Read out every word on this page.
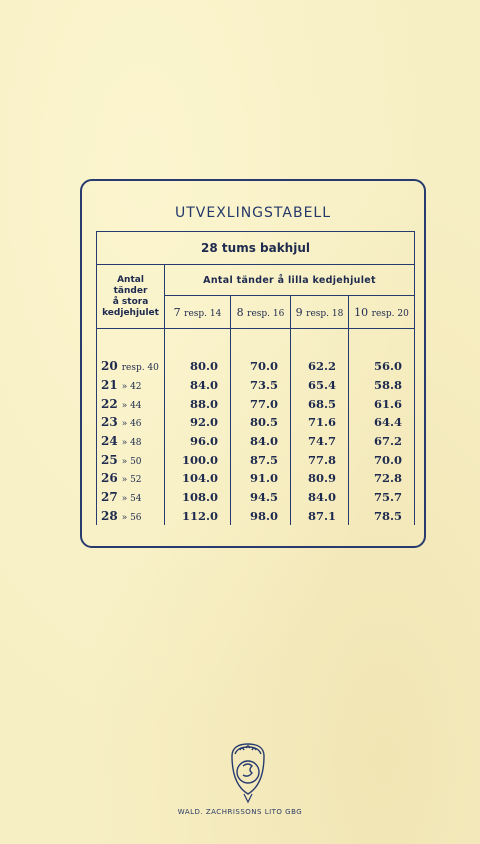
UTVEXLINGSTABELL
28 tums bakhjul				

Antal
tänder
å stora
kedjehjulet	Antal tänder å lilla kedjehjulet			
	7 resp. 14	8 resp. 16	9 resp. 18	10 resp. 20

20 resp. 40	80.0	70.0	62.2	56.0
21 » 42	84.0	73.5	65.4	58.8
22 » 44	88.0	77.0	68.5	61.6
23 » 46	92.0	80.5	71.6	64.4
24 » 48	96.0	84.0	74.7	67.2
25 » 50	100.0	87.5	77.8	70.0
26 » 52	104.0	91.0	80.9	72.8
27 » 54	108.0	94.5	84.0	75.7
28 » 56	112.0	98.0	87.1	78.5
WALD. ZACHRISSONS LITO GBG
